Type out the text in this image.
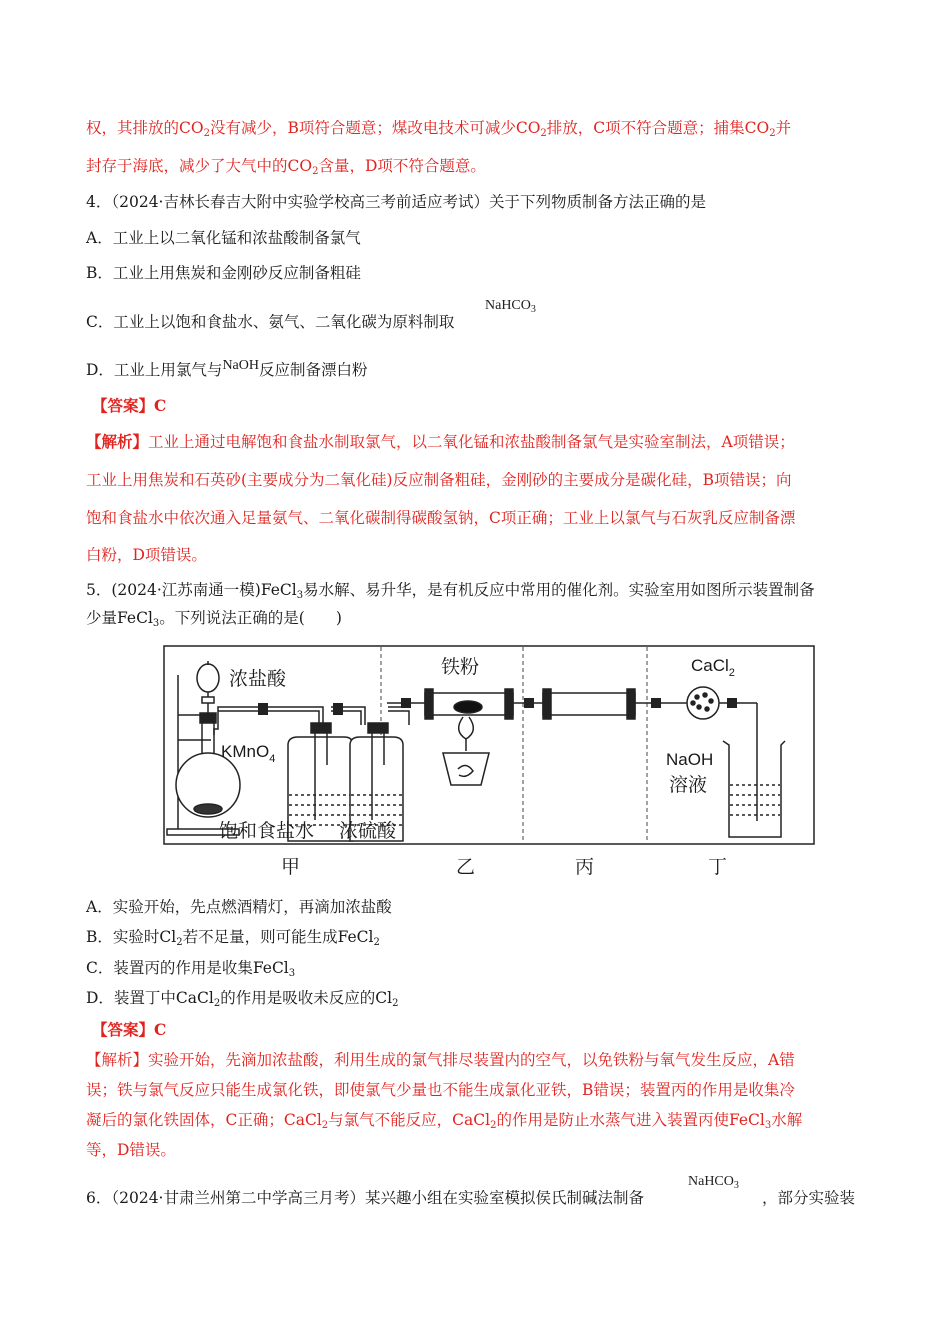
权，其排放的$CO_2$没有减少，B项符合题意；煤改电技术可减少$CO_2$排放，C项不符合题意；捕集$CO_2$并
封存于海底，减少了大气中的$CO_2$含量，D项不符合题意。
4．（2024·吉林长春吉大附中实验学校高三考前适应考试）关于下列物质制备方法正确的是
A．工业上以二氧化锰和浓盐酸制备氯气
B．工业上用焦炭和金刚砂反应制备粗硅
C．工业上以饱和食盐水、氨气、二氧化碳为原料制取
NaHCO$_3$
D．工业上用氯气与NaOH反应制备漂白粉
【答案】C
【解析】工业上通过电解饱和食盐水制取氯气，以二氧化锰和浓盐酸制备氯气是实验室制法，A项错误；
工业上用焦炭和石英砂(主要成分为二氧化硅)反应制备粗硅，金刚砂的主要成分是碳化硅，B项错误；向
饱和食盐水中依次通入足量氨气、二氧化碳制得碳酸氢钠，C项正确；工业上以氯气与石灰乳反应制备漂
白粉，D项错误。
5．(2024·江苏南通一模)FeCl$_3$易水解、易升华，是有机反应中常用的催化剂。实验室用如图所示装置制备
少量FeCl$_3$。下列说法正确的是(　　)
浓盐酸
KMnO$_4$
铁粉	CaCl$_2$
NaOH
溶液
饱和食盐水 浓硫酸
甲	乙	丙	丁
A．实验开始，先点燃酒精灯，再滴加浓盐酸
B．实验时$Cl_2$若不足量，则可能生成FeCl$_2$
C．装置丙的作用是收集FeCl$_3$
D．装置丁中CaCl$_2$的作用是吸收未反应的$Cl_2$
【答案】C
【解析】实验开始，先滴加浓盐酸，利用生成的氯气排尽装置内的空气，以免铁粉与氧气发生反应，A错
误；铁与氯气反应只能生成氯化铁，即使氯气少量也不能生成氯化亚铁，B错误；装置丙的作用是收集冷
凝后的氯化铁固体，C正确；CaCl$_2$与氯气不能反应，CaCl$_2$的作用是防止水蒸气进入装置丙使FeCl$_3$水解
等，D错误。
6．（2024·甘肃兰州第二中学高三月考）某兴趣小组在实验室模拟侯氏制碱法制备
NaHCO$_3$
，部分实验装
